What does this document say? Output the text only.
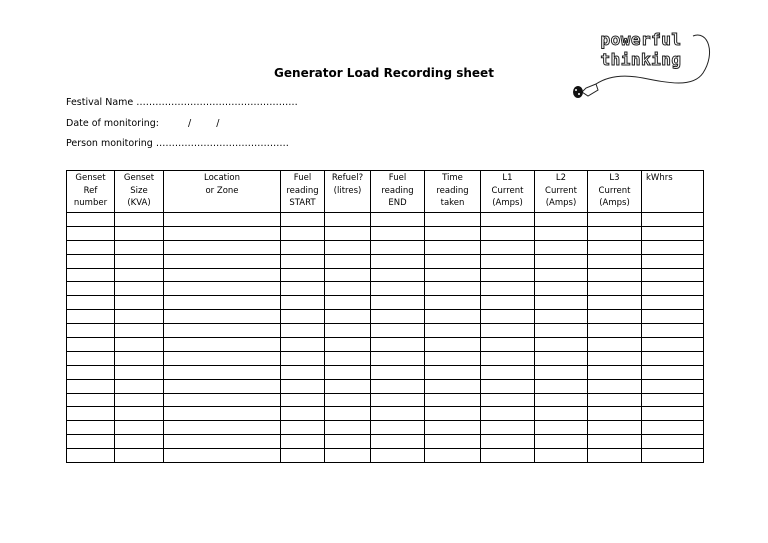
Generator Load Recording sheet
Festival Name ……………………………………………
Date of monitoring:	/	/
Person monitoring ……………………………………
powerful
thinking
Genset
Ref
number	Genset
Size
(KVA)	Location
or Zone	Fuel
reading
START	Refuel?
(litres)	Fuel
reading
END	Time
reading
taken	L1
Current
(Amps)	L2
Current
(Amps)	L3
Current
(Amps)	kWhrs
